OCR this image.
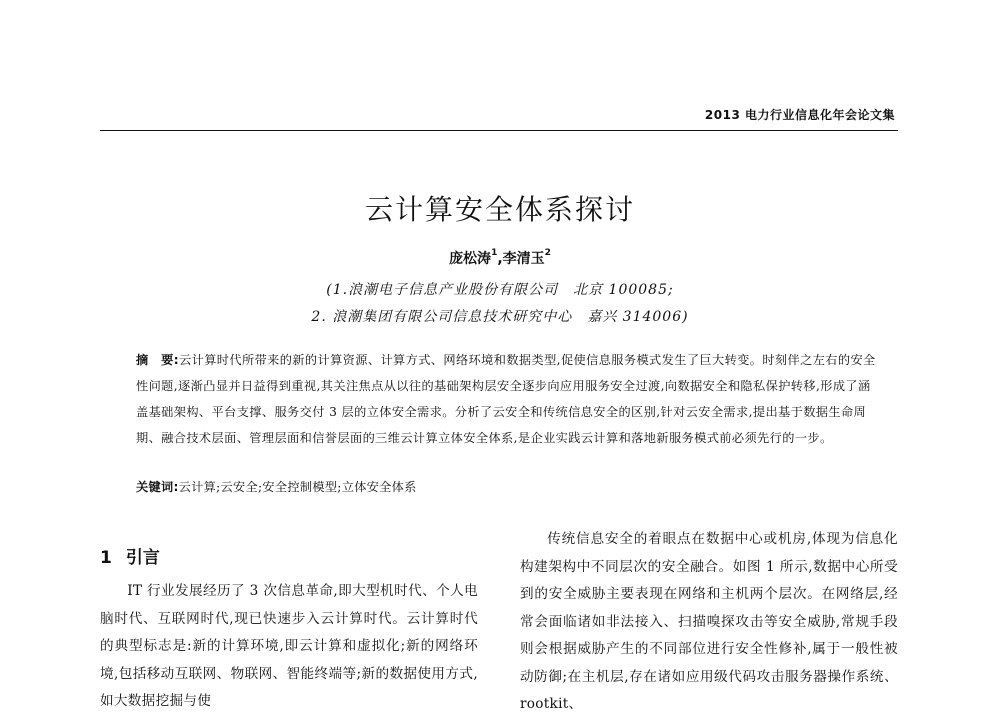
2013 电力行业信息化年会论文集
云计算安全体系探讨
庞松涛$^1$,李清玉$^2$
(1.浪潮电子信息产业股份有限公司　北京 100085;
2. 浪潮集团有限公司信息技术研究中心　嘉兴 314006)
摘　要:云计算时代所带来的新的计算资源、计算方式、网络环境和数据类型,促使信息服务模式发生了巨大转变。时刻伴之左右的安全性问题,逐渐凸显并日益得到重视,其关注焦点从以往的基础架构层安全逐步向应用服务安全过渡,向数据安全和隐私保护转移,形成了涵盖基础架构、平台支撑、服务交付 3 层的立体安全需求。分析了云安全和传统信息安全的区别,针对云安全需求,提出基于数据生命周期、融合技术层面、管理层面和信誉层面的三维云计算立体安全体系,是企业实践云计算和落地新服务模式前必须先行的一步。
关键词:云计算;云安全;安全控制模型;立体安全体系
1 引言

IT 行业发展经历了 3 次信息革命,即大型机时代、个人电脑时代、互联网时代,现已快速步入云计算时代。云计算时代的典型标志是:新的计算环境,即云计算和虚拟化;新的网络环境,包括移动互联网、物联网、智能终端等;新的数据使用方式,如大数据挖掘与使

传统信息安全的着眼点在数据中心或机房,体现为信息化构建架构中不同层次的安全融合。如图 1 所示,数据中心所受到的安全威胁主要表现在网络和主机两个层次。在网络层,经常会面临诸如非法接入、扫描嗅探攻击等安全威胁,常规手段则会根据威胁产生的不同部位进行安全性修补,属于一般性被动防御;在主机层,存在诸如应用级代码攻击服务器操作系统、rootkit、
